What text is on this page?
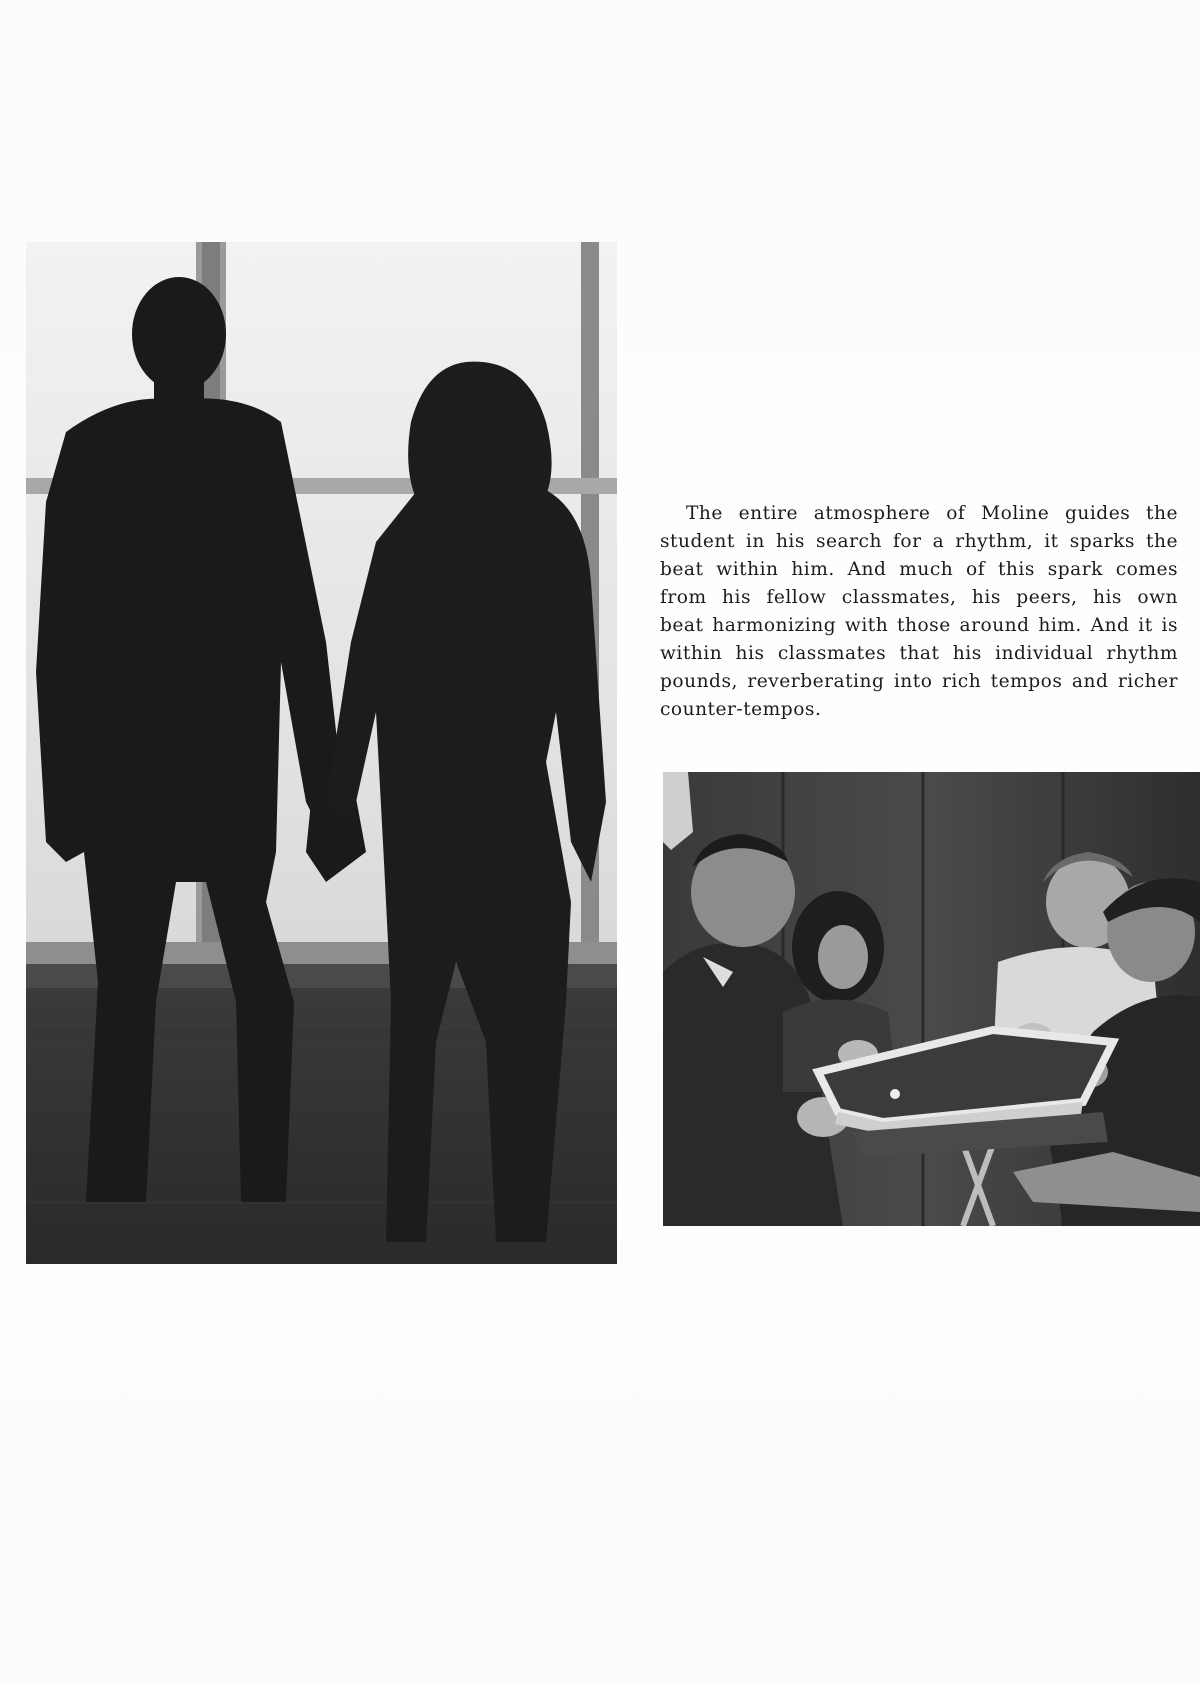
The entire atmosphere of Moline guides the student in his search for a rhythm, it sparks the beat within him. And much of this spark comes from his fellow classmates, his peers, his own beat harmonizing with those around him. And it is within his classmates that his individual rhythm pounds, reverberating into rich tempos and richer counter-tempos.
